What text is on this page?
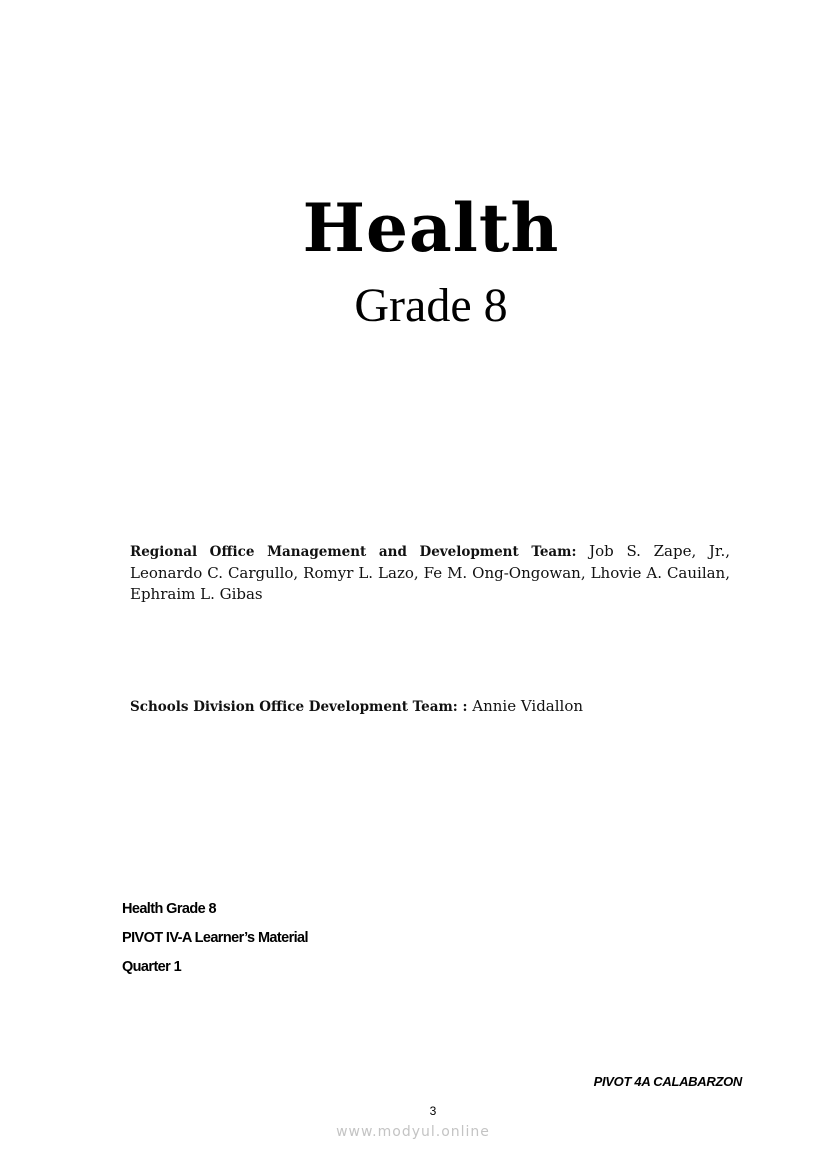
Health
Grade 8
Regional Office Management and Development Team: Job S. Zape, Jr., Leonardo C. Cargullo, Romyr L. Lazo, Fe M. Ong-Ongowan, Lhovie A. Cauilan, Ephraim L. Gibas
Schools Division Office Development Team: : Annie Vidallon
Health Grade 8
PIVOT IV-A Learner’s Material
Quarter 1
PIVOT 4A CALABARZON
3
www.modyul.online
